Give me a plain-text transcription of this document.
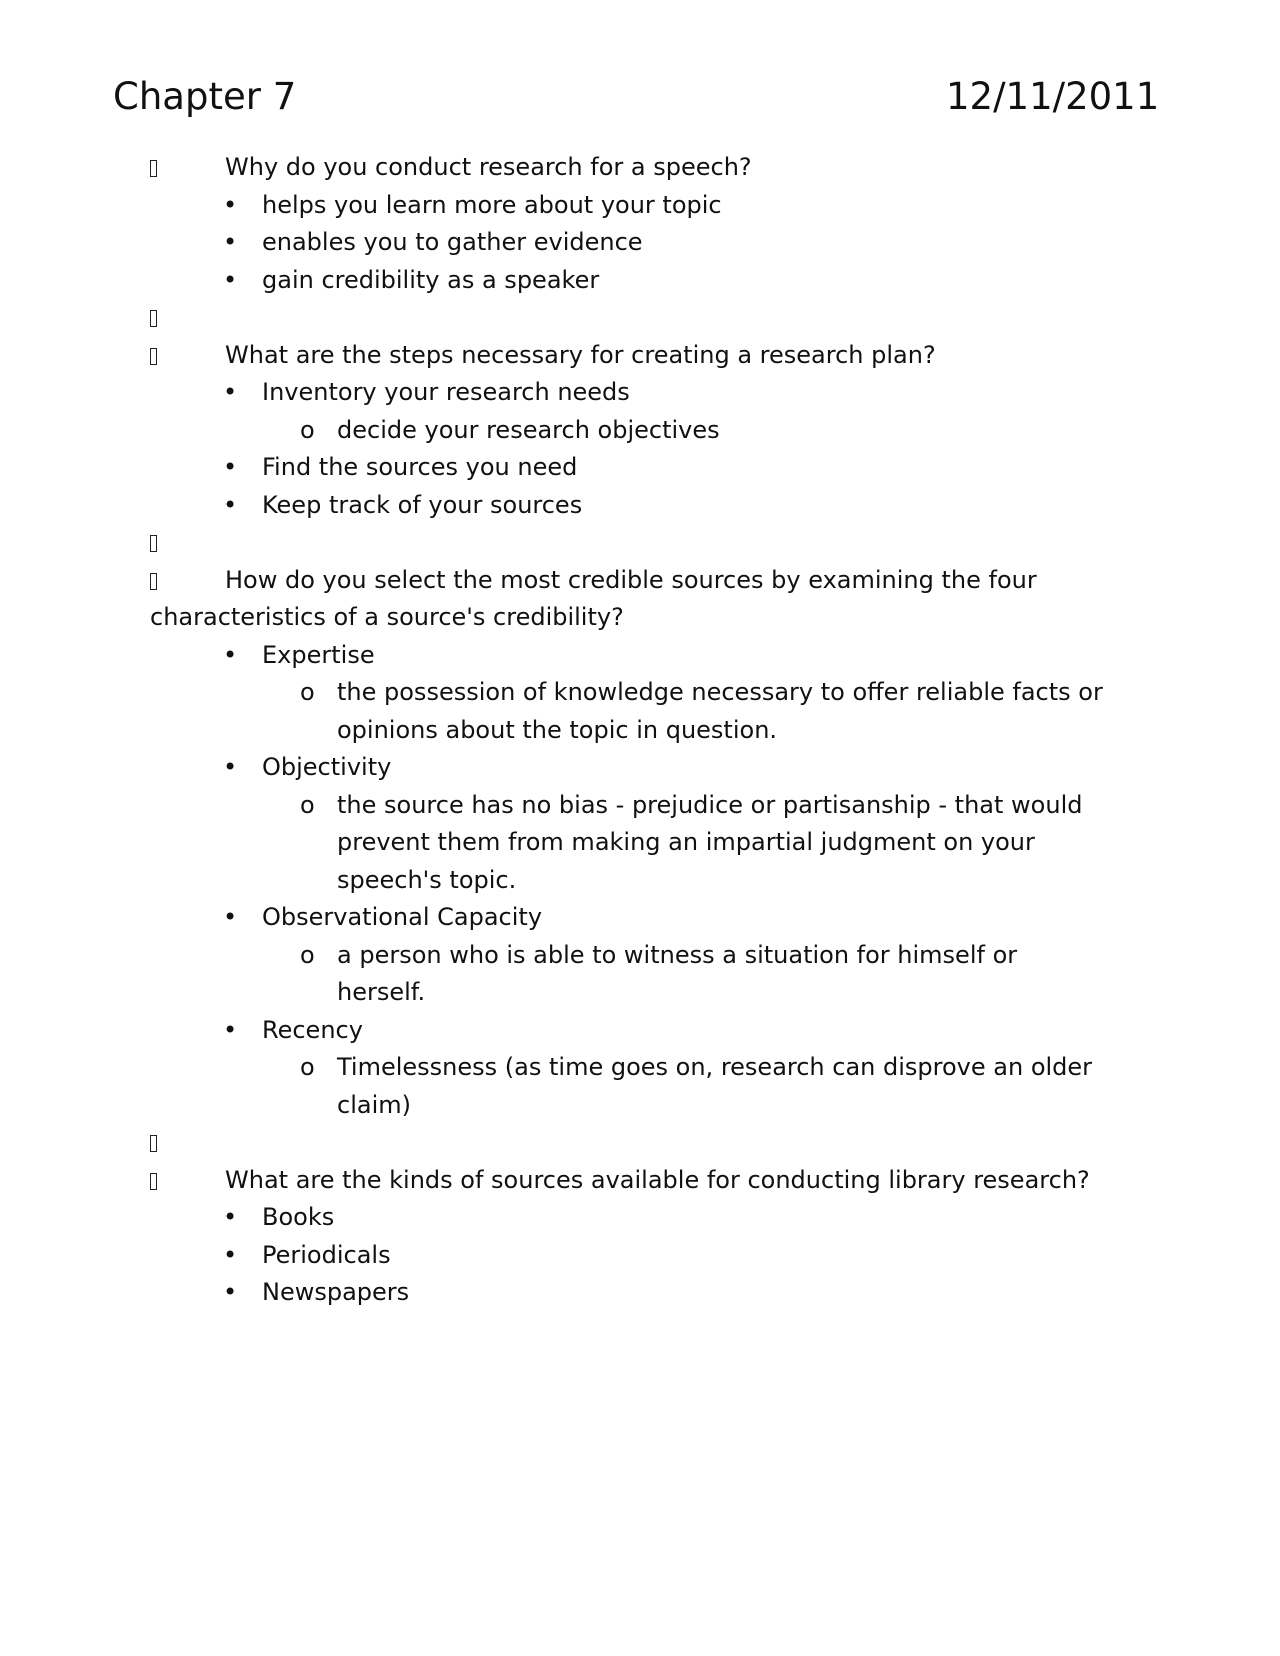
Chapter 7	12/11/2011

Why do you conduct research for a speech?

• helps you learn more about your topic
• enables you to gather evidence
• gain credibility as a speaker

What are the steps necessary for creating a research plan?

• Inventory your research needs
o decide your research objectives
• Find the sources you need
• Keep track of your sources

How do you select the most credible sources by examining the four characteristics of a source's credibility?

• Expertise
o the possession of knowledge necessary to offer reliable facts or opinions about the topic in question.
• Objectivity
o the source has no bias - prejudice or partisanship - that would prevent them from making an impartial judgment on your speech's topic.
• Observational Capacity
o a person who is able to witness a situation for himself or herself.
• Recency
o Timelessness (as time goes on, research can disprove an older claim)

What are the kinds of sources available for conducting library research?

• Books
• Periodicals
• Newspapers
